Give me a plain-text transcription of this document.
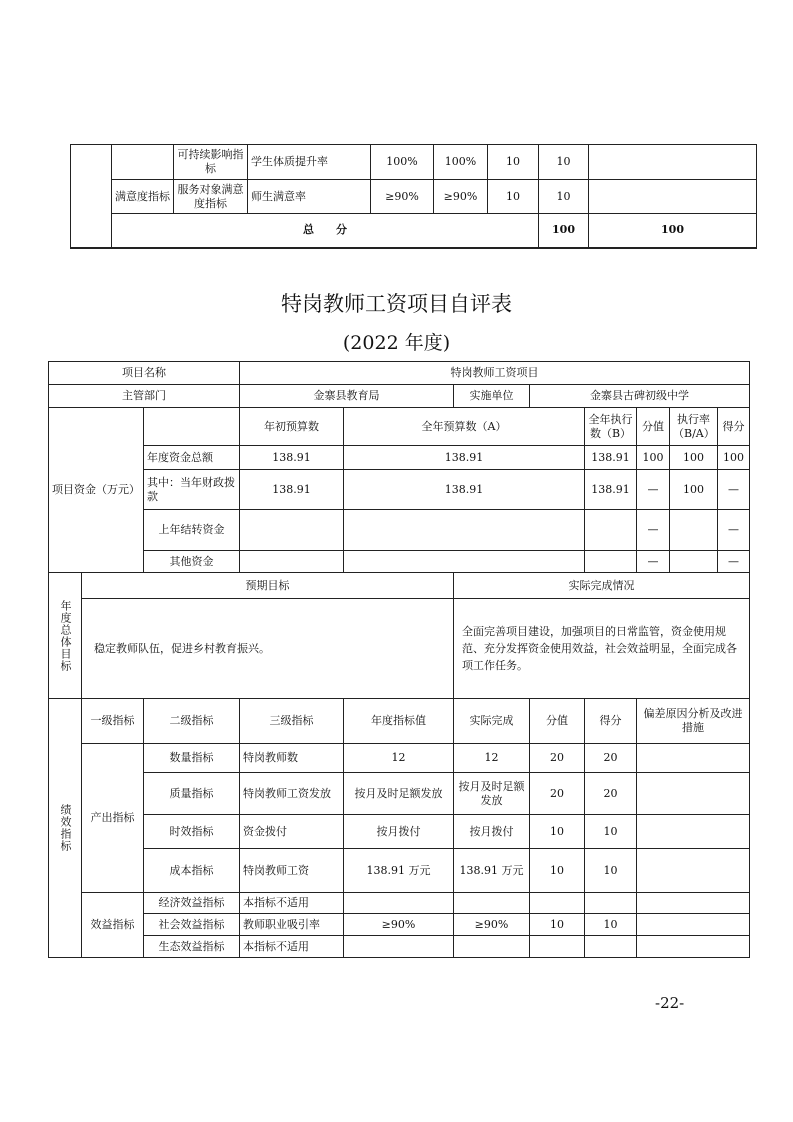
		可持续影响指标	学生体质提升率	100%	100%	10	10		
	满意度指标	服务对象满意度指标	师生满意率	≥90%	≥90%	10	10		
	总　　分						100	100	
特岗教师工资项目自评表
(2022 年度)
项目名称			特岗教师工资项目							
主管部门			金寨县教育局		实施单位	金寨县古碑初级中学				
项目资金（万元）			年初预算数	全年预算数（A）			全年执行数（B）	分值	执行率（B/A）	得分
		年度资金总额	138.91	138.91			138.91	100	100	100
		其中：当年财政拨款	138.91	138.91			138.91	—	100	—
		上年结转资金						—		—
		其他资金						—		—
年度总体目标	预期目标				实际完成情况					
	稳定教师队伍，促进乡村教育振兴。				全面完善项目建设，加强项目的日常监管，资金使用规范、充分发挥资金使用效益，社会效益明显，全面完成各项工作任务。					
绩效指标	一级指标	二级指标	三级指标	年度指标值	实际完成	分值	得分	偏差原因分析及改进措施		
	产出指标	数量指标	特岗教师数	12	12	20	20			
		质量指标	特岗教师工资发放	按月及时足额发放	按月及时足额发放	20	20			
		时效指标	资金拨付	按月拨付	按月拨付	10	10			
		成本指标	特岗教师工资	138.91 万元	138.91 万元	10	10			
	效益指标	经济效益指标	本指标不适用							
		社会效益指标	教师职业吸引率	≥90%	≥90%	10	10			
		生态效益指标	本指标不适用							
-22-
